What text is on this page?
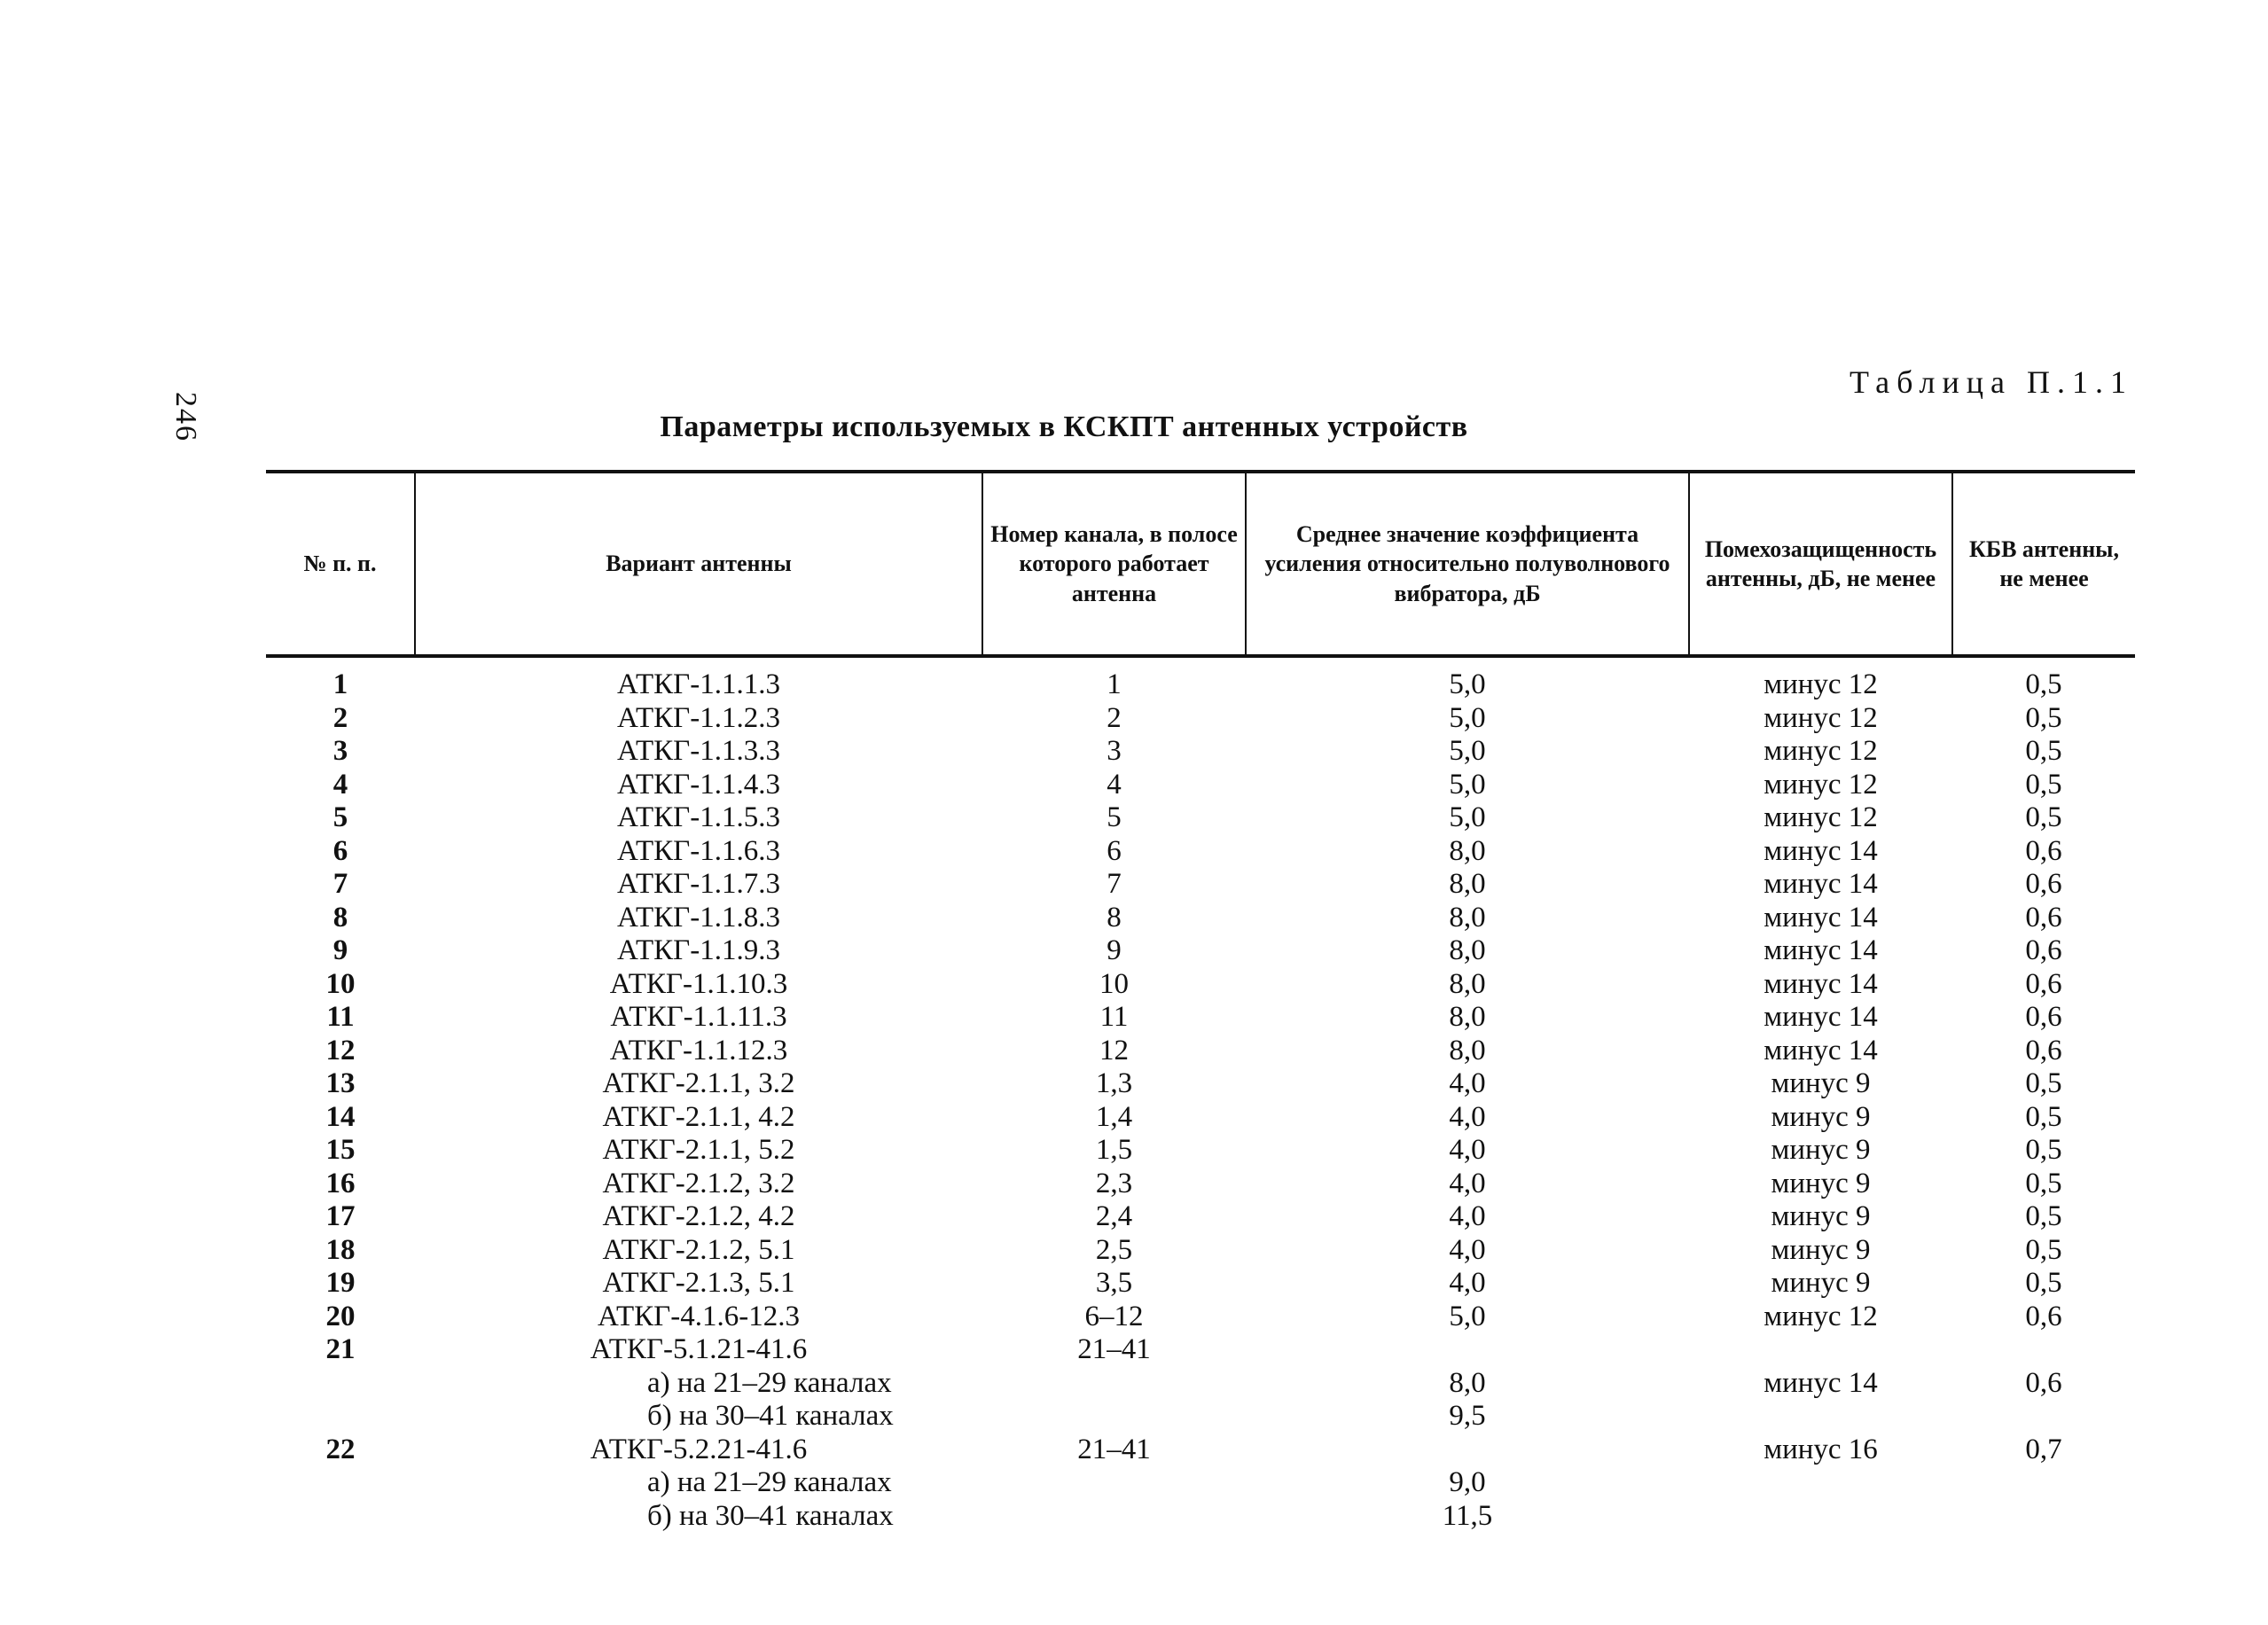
246
Таблица П.1.1
Параметры используемых в КСКПТ антенных устройств
№ п. п.	Вариант антенны	Номер канала, в полосе которого работает антенна	Среднее значение коэффициента усиления относительно полуволнового вибратора, дБ	Помехозащищенность антенны, дБ, не менее	КБВ антенны, не менее

1	АТКГ-1.1.1.3	1	5,0	минус 12	0,5
2	АТКГ-1.1.2.3	2	5,0	минус 12	0,5
3	АТКГ-1.1.3.3	3	5,0	минус 12	0,5
4	АТКГ-1.1.4.3	4	5,0	минус 12	0,5
5	АТКГ-1.1.5.3	5	5,0	минус 12	0,5
6	АТКГ-1.1.6.3	6	8,0	минус 14	0,6
7	АТКГ-1.1.7.3	7	8,0	минус 14	0,6
8	АТКГ-1.1.8.3	8	8,0	минус 14	0,6
9	АТКГ-1.1.9.3	9	8,0	минус 14	0,6
10	АТКГ-1.1.10.3	10	8,0	минус 14	0,6
11	АТКГ-1.1.11.3	11	8,0	минус 14	0,6
12	АТКГ-1.1.12.3	12	8,0	минус 14	0,6
13	АТКГ-2.1.1, 3.2	1,3	4,0	минус 9	0,5
14	АТКГ-2.1.1, 4.2	1,4	4,0	минус 9	0,5
15	АТКГ-2.1.1, 5.2	1,5	4,0	минус 9	0,5
16	АТКГ-2.1.2, 3.2	2,3	4,0	минус 9	0,5
17	АТКГ-2.1.2, 4.2	2,4	4,0	минус 9	0,5
18	АТКГ-2.1.2, 5.1	2,5	4,0	минус 9	0,5
19	АТКГ-2.1.3, 5.1	3,5	4,0	минус 9	0,5
20	АТКГ-4.1.6-12.3	6–12	5,0	минус 12	0,6
21	АТКГ-5.1.21-41.6	21–41			
	а) на 21–29 каналах		8,0	минус 14	0,6
	б) на 30–41 каналах		9,5		
22	АТКГ-5.2.21-41.6	21–41		минус 16	0,7
	а) на 21–29 каналах		9,0		
	б) на 30–41 каналах		11,5		
